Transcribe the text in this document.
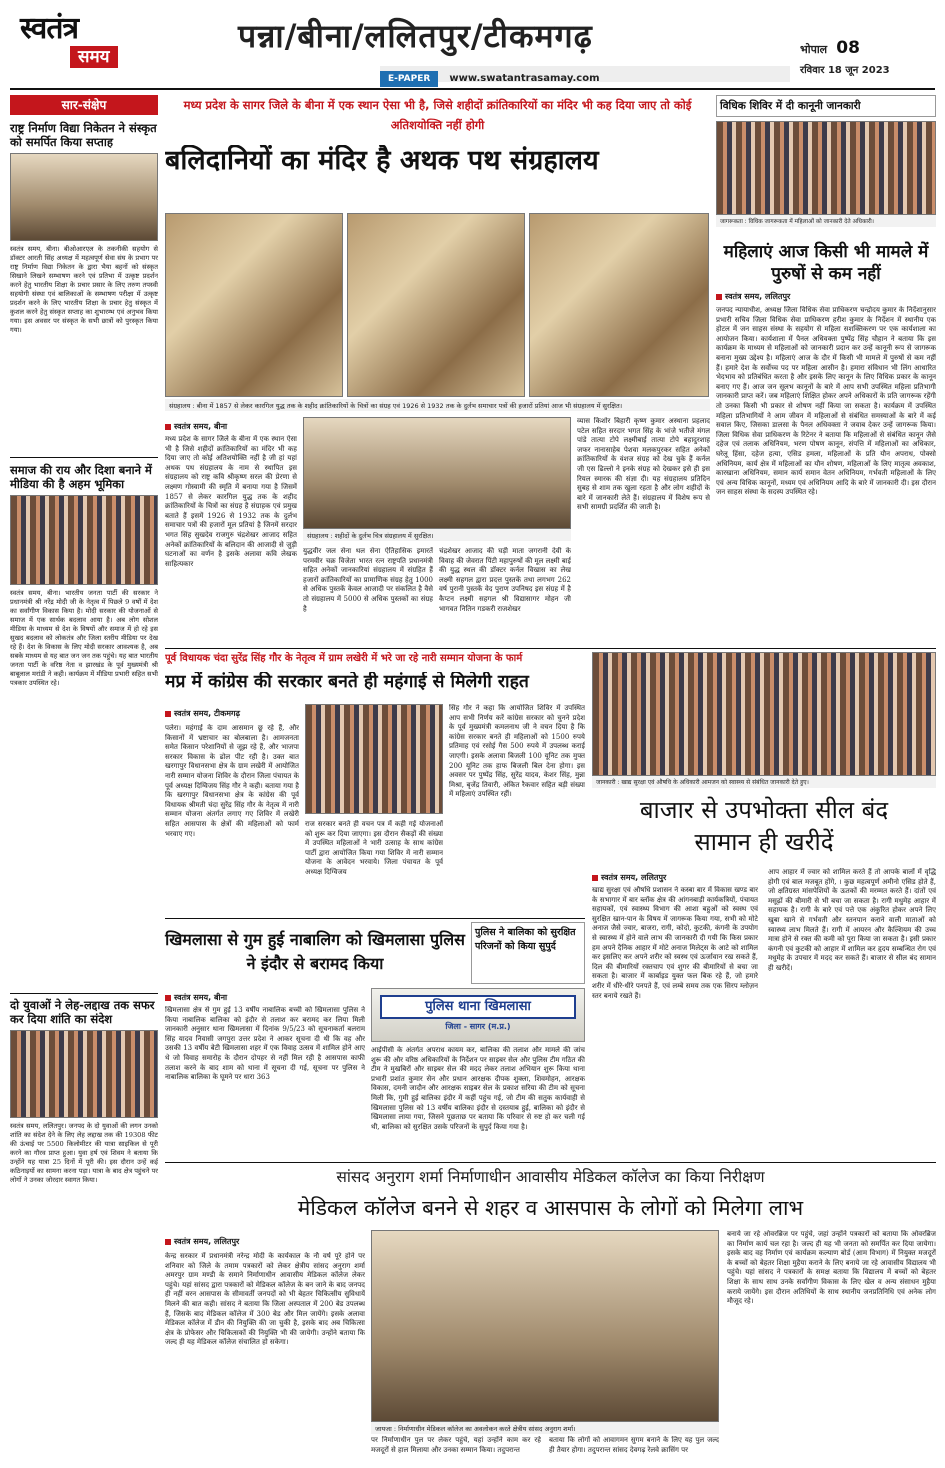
स्वतंत्र
समय
पन्ना/बीना/ललितपुर/टीकमगढ़
E-PAPER www.swatantrasamay.com
भोपाल 08
रविवार 18 जून 2023
सार-संक्षेप
राष्ट्र निर्माण विद्या निकेतन ने संस्कृत को समर्पित किया सप्ताह
स्वतंत्र समय, बीना। बीओआरएल के तकनीकी सहयोग से डॉक्टर आरती सिंह अध्यक्ष में महत्वपूर्ण सेवा संघ के प्रभाग पर राष्ट्र निर्माण विद्या निकेतन के द्वारा भैया बहनों को संस्कृत सिखाने लिखने सम्भाषण करने एवं प्रतिभा में उत्कृष्ट प्रदर्शन करने हेतु भारतीय शिक्षा के प्रचार प्रसार के लिए तरुण तपस्वी सहयोगी संस्था एवं बालिकाओं के सम्भाषण परीक्षा में उत्कृष्ट प्रदर्शन करने के लिए भारतीय शिक्षा के प्रचार हेतु संस्कृत में कुशल करने हेतु संस्कृत सप्ताह का शुभारम्भ एवं अनुभव किया गया। इस अवसर पर संस्कृत के सभी छात्रों को पुरस्कृत किया गया।
समाज की राय और दिशा बनाने में मीडिया की है अहम भूमिका
स्वतंत्र समय, बीना। भारतीय जनता पार्टी की सरकार ने प्रधानमंत्री श्री नरेंद्र मोदी जी के नेतृत्व में पिछले 9 वर्षों में देश का सर्वांगीण विकास किया है। मोदी सरकार की योजनाओं से समाज में एक सार्थक बदलाव आया है। अब लोग सोशल मीडिया के माध्यम से देश के विषयों और समाज में हो रहे इस सुखद बदलाव को लोकतंत्र और जिला स्तरीय मीडिया पर देख रहे हैं। देश के विकास के लिए मोदी सरकार आवश्यक है, अब सबके माध्यम से यह बात जन जन तक पहुंचे। यह बात भारतीय जनता पार्टी के वरिष्ठ नेता व झारखंड के पूर्व मुख्यमंत्री श्री बाबूलाल मरांडी ने कही। कार्यक्रम में मीडिया प्रभारी सहित सभी पत्रकार उपस्थित रहे।
दो युवाओं ने लेह-लद्दाख तक सफर कर दिया शांति का संदेश
स्वतंत्र समय, ललितपुर। जनपद के दो युवाओं की लगन उनको शांति का संदेश देने के लिए लेह लद्दाख तक की 19308 फीट की ऊंचाई पर 5500 किलोमीटर की यात्रा साइकिल से पूरी करने का गौरव प्राप्त हुआ। युवा हर्ष एवं शिवम ने बताया कि उन्होंने यह यात्रा 25 दिनों में पूरी की। इस दौरान उन्हें कई कठिनाइयों का सामना करना पड़ा। यात्रा के बाद क्षेत्र पहुंचने पर लोगों ने उनका जोरदार स्वागत किया।
मध्य प्रदेश के सागर जिले के बीना में एक स्थान ऐसा भी है, जिसे शहीदों क्रांतिकारियों का मंदिर भी कह दिया जाए तो कोई अतिशयोक्ति नहीं होगी
बलिदानियों का मंदिर है अथक पथ संग्रहालय
संग्रहालय : बीना में 1857 से लेकर कारगिल युद्ध तक के शहीद क्रांतिकारियों के चित्रों का संग्रह एवं 1926 से 1932 तक के दुर्लभ समाचार पत्रों की हजारों प्रतियां आज भी संग्रहालय में सुरक्षित।
स्वतंत्र समय, बीना
मध्य प्रदेश के सागर जिले के बीना में एक स्थान ऐसा भी है जिसे शहीदों क्रांतिकारियों का मंदिर भी कह दिया जाए तो कोई अतिशयोक्ति नहीं है जी हां यहां अथक पथ संग्रहालय के नाम से स्थापित इस संग्रहालय को राष्ट्र कवि श्रीकृष्ण सरल की प्रेरणा से लक्ष्मण गोस्वामी की स्मृति में बनाया गया है जिसमें 1857 से लेकर कारगिल युद्ध तक के शहीद क्रांतिकारियों के चित्रों का संग्रह है संग्राहक एवं प्रमुख बताते हैं इसमें 1926 से 1932 तक के दुर्लभ समाचार पत्रों की हजारों मूल प्रतियां है जिनमें सरदार भगत सिंह सुखदेव राजगुरु चंद्रशेखर आजाद सहित अनेकों क्रांतिकारियों के बलिदान की आजादी से जुड़ी घटनाओं का वर्णन है इसके अलावा कवि लेखक साहित्यकार
संग्रहालय : शहीदों के दुर्लभ चित्र संग्रहालय में सुरक्षित।
युद्धवीर जल सेना थल सेना ऐतिहासिक इमारतें परमवीर चक्र विजेता भारत रत्न राष्ट्रपति प्रधानमंत्री सहित अनेकों जानकारियां संग्रहालय में संग्रहित हैं हजारों क्रांतिकारियों का प्रामाणिक संग्रह हेतु 1000 से अधिक पुस्तकें केवल आजादी पर संकलित है वैसे तो संग्रहालय में 5000 से अधिक पुस्तकों का संग्रह है
चंद्रशेखर आजाद की घड़ी माता जगरानी देवी के विवाह की जेवरात पिंटी महापुरुषों की मूल लक्ष्मी बाई की युद्ध स्थल की डॉक्टर कर्नल विखास का लेख लक्ष्मी सहगल द्वारा प्रदत्त पुस्तकें तथा लगभग 262 वर्ष पुरानी पुस्तकें वेद पुराण उपनिषद इस संग्रह में है कैप्टन लक्ष्मी सहगल श्री विद्यासागर मोहन जी भागवत नितिन गडकरी राजशेखर
व्यास किशोर बिहारी कृष्ण कुमार अस्थाना प्रहलाद पटेल सहित सरदार भगत सिंह के भांजे भतीजे मंगल पांडे तात्या टोपे लक्ष्मीबाई तात्या टोपे बहादुरशाह जफर नानासाहेब पेशवा मलकपुरकर सहित अनेकों क्रांतिकारियों के वंशज संग्रह को देख चुके हैं कर्नल जी एस ढिल्लो ने इनके संग्रह को देखकर इसे ही इस रियल स्मारक की संज्ञा दी। यह संग्रहालय प्रतिदिन सुबह से शाम तक खुला रहता है और लोग शहीदों के बारे में जानकारी लेते हैं। संग्रहालय में विशेष रूप से सभी सामग्री प्रदर्शित की जाती है।
विधिक शिविर में दी कानूनी जानकारी
जागरूकता : विधिक जागरूकता में महिलाओं को जानकारी देते अधिकारी।
महिलाएं आज किसी भी मामले में पुरुषों से कम नहीं
स्वतंत्र समय, ललितपुर
जनपद न्यायाधीश, अध्यक्ष जिला विधिक सेवा प्राधिकरण चन्द्रोदय कुमार के निर्देशानुसार प्रभारी सचिव जिला विधिक सेवा प्राधिकरण हरीश कुमार के निर्देशन में स्थानीय एक होटल में जन साहस संस्था के सहयोग से महिला सशक्तिकरण पर एक कार्यशाला का आयोजन किया। कार्यशाला में पैनल अधिवक्ता पुष्पेंद्र सिंह चौहान ने बताया कि इस कार्यक्रम के माध्यम से महिलाओं को जानकारी प्रदान कर उन्हें कानूनी रूप से जागरूक बनाना मुख्य उद्देश्य है। महिलाएं आज के दौर में किसी भी मामले में पुरुषों से कम नहीं हैं। हमारे देश के सर्वोच्च पद पर महिला आसीन है। हमारा संविधान भी लिंग आधारित भेदभाव को प्रतिबंधित करता है और इसके लिए कानून के लिए विधिक प्रकार के कानून बनाए गए हैं। आज जन सूलभ कानूनों के बारे में आप सभी उपस्थित महिला प्रतिभागी जानकारी प्राप्त करें। जब महिलाएं शिक्षित होकर अपने अधिकारों के प्रति जागरूक रहेंगी तो उनका किसी भी प्रकार से शोषण नहीं किया जा सकता है। कार्यक्रम में उपस्थित महिला प्रतिभागियों ने आम जीवन में महिलाओं से संबंधित समस्याओं के बारे में कई सवाल किए, जिसका डालसा के पैनल अधिवक्ता ने जवाब देकर उन्हें जागरूक किया। जिला विधिक सेवा प्राधिकरण के रिटेनर ने बताया कि महिलाओं से संबंधित कानून जैसे दहेज एवं तलाक अधिनियम, भरण पोषण कानून, संपत्ति में महिलाओं का अधिकार, घरेलू हिंसा, दहेज हत्या, एसिड हमला, महिलाओं के प्रति यौन अपराध, पोक्सो अधिनियम, कार्य क्षेत्र में महिलाओं का यौन शोषण, महिलाओं के लिए मातृत्व अवकाश, कारखाना अधिनियम, समान कार्य समान वेतन अधिनियम, गर्भवती महिलाओं के लिए एवं अन्य विधिक कानूनों, मध्यम एवं अधिनियम आदि के बारे में जानकारी दी। इस दौरान जन साहस संस्था के सदस्य उपस्थित रहे।
पूर्व विधायक चंदा सुरेंद्र सिंह गौर के नेतृत्व में ग्राम लखेरी में भरे जा रहे नारी सम्मान योजना के फार्म
मप्र में कांग्रेस की सरकार बनते ही महंगाई से मिलेगी राहत
स्वतंत्र समय, टीकमगढ़
पलेरा। महंगाई के दाम आसमान छू रहे हैं, और किसानों में भ्रष्टाचार का बोलबाला है। आमजनता समेत किसान परेशानियों से जूझ रहे हैं, और भाजपा सरकार विकास के ढोल पीट रही है। उक्त बात खरगापुर विधानसभा क्षेत्र के ग्राम लखेरी में आयोजित नारी सम्मान योजना शिविर के दौरान जिला पंचायत के पूर्व अध्यक्ष दिग्विजय सिंह गौर ने कही। बताया गया है कि खरगापुर विधानसभा क्षेत्र के कांग्रेस की पूर्व विधायक श्रीमती चंदा सुरेंद्र सिंह गौर के नेतृत्व में नारी सम्मान योजना अंतर्गत लगाए गए शिविर में लखेरी सहित आसपास के क्षेत्रों की महिलाओं को फार्म भरवाए गए।
राज सरकार बनते ही वचन पत्र में कही गई योजनाओं को शुरू कर दिया जाएगा। इस दौरान सैकड़ों की संख्या में उपस्थित महिलाओं ने भारी उत्साह के साथ कांग्रेस पार्टी द्वारा आयोजित किया गया शिविर में नारी सम्मान योजना के आवेदन भरवाये। जिला पंचायत के पूर्व अध्यक्ष दिग्विजय
सिंह गौर ने कहा कि आयोजित शिविर में उपस्थित आप सभी निर्णय करें कांग्रेस सरकार को चुनने प्रदेश के पूर्व मुख्यमंत्री कमलनाथ जी ने वचन दिया है कि कांग्रेस सरकार बनते ही महिलाओं को 1500 रुपये प्रतिमाह एवं रसोई गैस 500 रुपये में उपलब्ध कराई जाएगी। इसके अलावा बिजली 100 यूनिट तक मुफ्त 200 यूनिट तक हाफ बिजली बिल देना होगा। इस अवसर पर पुष्पेंद्र सिंह, सुरेंद्र यादव, केशर सिंह, मुन्ना मिश्रा, बृजेंद्र तिवारी, अंकित रैकवार सहित बड़ी संख्या में महिलाएं उपस्थित रहीं।
जानकारी : खाद्य सुरक्षा एवं औषधि के अधिकारी आमजन को स्वास्थ्य से संबंधित जानकारी देते हुए।
बाजार से उपभोक्ता सील बंद सामान ही खरीदें
स्वतंत्र समय, ललितपुर
खाद्य सुरक्षा एवं औषधि प्रशासन ने कस्बा बार में विकास खण्ड बार के सभागार में बार ब्लॉक क्षेत्र की आंगनबाड़ी कार्यकत्रियों, पंचायत सहायकों, एवं स्वास्थ्य विभाग की आशा बहुओं को स्वस्थ एवं सुरक्षित खान-पान के विषय में जागरूक किया गया, सभी को मोटे अनाज जैसे ज्वार, बाजरा, रागी, कोदो, कुटकी, कंगनी के उपयोग से स्वास्थ्य में होने वाले लाभ की जानकारी दी गयी कि किस प्रकार हम अपने दैनिक आहार में मोटे अनाज मिलेट्स के आटे को शामिल कर इसलिए कर अपने शरीर को स्वस्थ एवं ऊर्जावान रख सकते हैं, दिल की बीमारियों रक्तचाप एवं शुगर की बीमारियों से बचा जा सकता है। बाजार में कार्बाइड युक्त फल बिक रहे हैं, जो हमारे शरीर में धीरे-धीरे पनपते हैं, एवं लम्बे समय तक एक सिरप म्लोज़न स्तर बनाये रखते हैं।
आप आहार में ज्वार को शामिल करते हैं तो आपके बालों में वृद्धि होगी एवं बाल मजबूत होंगे, । कुछ महत्वपूर्ण अमीनो एसिड होते हैं, जो क्षतिग्रस्त मांसपेशियों के ऊतकों की मरम्मत करते हैं। दांतों एवं मसूढ़ों की बीमारी से भी बचा जा सकता है। रागी मधुमेह आहार में सहायक है। रागी के बारे एवं पत्ते एक अंकुरित होकर अपने लिए खुबा खाने से गर्भवती और स्तनपान कराने वाली माताओं को स्वास्थ्य लाभ मिलते हैं। रागी में आयरन और कैल्शियम की उच्च मात्रा होने से रक्त की कमी को पूरा किया जा सकता है। इसी प्रकार कंगनी एवं कुटकी को आहार में शामिल कर हृदय सम्बन्धित रोग एवं मधुमेह के उपचार में मदद कर सकते हैं। बाजार से सील बंद सामान ही खरीदें।
खिमलासा से गुम हुई नाबालिग को खिमलासा पुलिस ने इंदौर से बरामद किया
पुलिस ने बालिका को सुरक्षित परिजनों को किया सुपुर्द
स्वतंत्र समय, बीना
खिमलासा क्षेत्र से गुम हुई 13 वर्षीय नाबालिक बच्ची को खिमलासा पुलिस ने किया नाबालिक बालिका को इंदौर से तलाश कर बरामद कर लिया मिली जानकारी अनुसार थाना खिमलासा में दिनांक 9/5/23 को सूचनाकर्ता बलराम सिंह यादव निवासी जगपुरा उत्तर प्रदेश ने आकर सूचना दी थी कि वह और उसकी 13 वर्षीय बेटी खिमलासा शहर में एक विवाह उत्सव में शामिल होने आए थे जो विवाह समारोह के दौरान दोपहर से नहीं मिल रही है आसपास काफी तलाश करने के बाद शाम को थाना में सूचना दी गई, सूचना पर पुलिस ने नाबालिक बालिका के घूमने पर धारा 363
पुलिस थाना खिमलासा
जिला - सागर (म.प्र.)
आईपीसी के अंतर्गत अपराध कायम कर, बालिका की तलाश और मामले की जांच शुरू की और वरिष्ठ अधिकारियों के निर्देशन पर साइबर सेल और पुलिस टीम गठित की टीम ने मुखबिरों और साइबर सेल की मदद लेकर तलाश अभियान शुरू किया थाना प्रभारी प्रशांत कुमार सेन और प्रधान आरक्षक दीपक शुक्ला, शिवमोहन, आरक्षक विकास, दमनी जादौन और आरक्षक साइबर सेल के प्रकाश सरिया की टीम को सूचना मिली कि, गुमी हुई बालिका इंदौर में कहीं पहुंच गई, जो टीम की सतुक कार्यवाही से खिमलासा पुलिस को 13 वर्षीय बालिका इंदौर से दस्तयाब हुई, बालिका को इंदौर से खिमलासा लाया गया, जिसने पूछताछ पर बताया कि परिवार से रुष्ट हो कर चली गई थी, बालिका को सुरक्षित उसके परिजनों के सुपुर्द किया गया है।
सांसद अनुराग शर्मा निर्माणाधीन आवासीय मेडिकल कॉलेज का किया निरीक्षण
मेडिकल कॉलेज बनने से शहर व आसपास के लोगों को मिलेगा लाभ
स्वतंत्र समय, ललितपुर
केन्द्र सरकार में प्रधानमंत्री नरेन्द्र मोदी के कार्यकाल के नौ वर्ष पूरे होने पर शनिवार को जिले के तमाम पत्रकारों को लेकर क्षेत्रीय सांसद अनुराग शर्मा अमरपुर ग्राम मण्डी के समाने निर्माणाधीन आवासीय मेडिकल कॉलेज लेकर पहुंचे। यहां सांसद द्वारा पत्रकारों को मेडिकल कॉलेज के बन जाने के बाद जनपद ही नहीं वरन आसपास के सीमावर्ती जनपदों को भी बेहतर चिकित्सीय सुविधायें मिलने की बात कही। सांसद ने बताया कि जिला अस्पताल में 200 बेड उपलब्ध हैं, जिसके बाद मेडिकल कॉलेज में 300 बेड और मिल जायेंगे। इसके अलावा मेडिकल कॉलेज में डीन की नियुक्ति की जा चुकी है, इसके बाद अब चिकित्सा क्षेत्र के प्रोफेसर और चिकित्सकों की नियुक्ति भी की जायेगी। उन्होंने बताया कि जल्द ही यह मेडिकल कॉलेज संचालित हो सकेगा।
जायजा : निर्माणाधीन मेडिकल कॉलेज का अवलोकन करते क्षेत्रीय सांसद अनुराग शर्मा।
पर निर्माणाधीन पुल पर लेकर पहुंचे, यहां उन्होंने काम कर रहे मजदूरों से हाल मिलाया और उनका सम्मान किया। तदुपरान्त
बताया कि लोगों को आवागमन सुगम बनाने के लिए यह पुल जल्द ही तैयार होगा। तदुपरान्त सांसद देवगढ़ रेलवे क्रासिंग पर
बनाये जा रहे ओवरब्रिज पर पहुंचे, जहां उन्होंने पत्रकारों को बताया कि ओवरब्रिज का निर्माण कार्य चल रहा है। जल्द ही यह भी जनता को समर्पित कर दिया जायेगा। इसके बाद वह निर्माण एवं कार्यक्रम कल्याण बोर्ड (आम विभाग) में नियुक्त मजदूरों के बच्चों को बेहतर शिक्षा मुहैया कराने के लिए बनाये जा रहे आवासीय विद्यालय भी पहुंचे। यहां सांसद ने पत्रकारों के समक्ष बताया कि विद्यालय में बच्चों को बेहतर शिक्षा के साथ साथ उनके सर्वांगीण विकास के लिए खेल व अन्य संसाधन मुहैया कराये जायेंगे। इस दौरान अतिथियों के साथ स्थानीय जनप्रतिनिधि एवं अनेक लोग मौजूद रहे।
